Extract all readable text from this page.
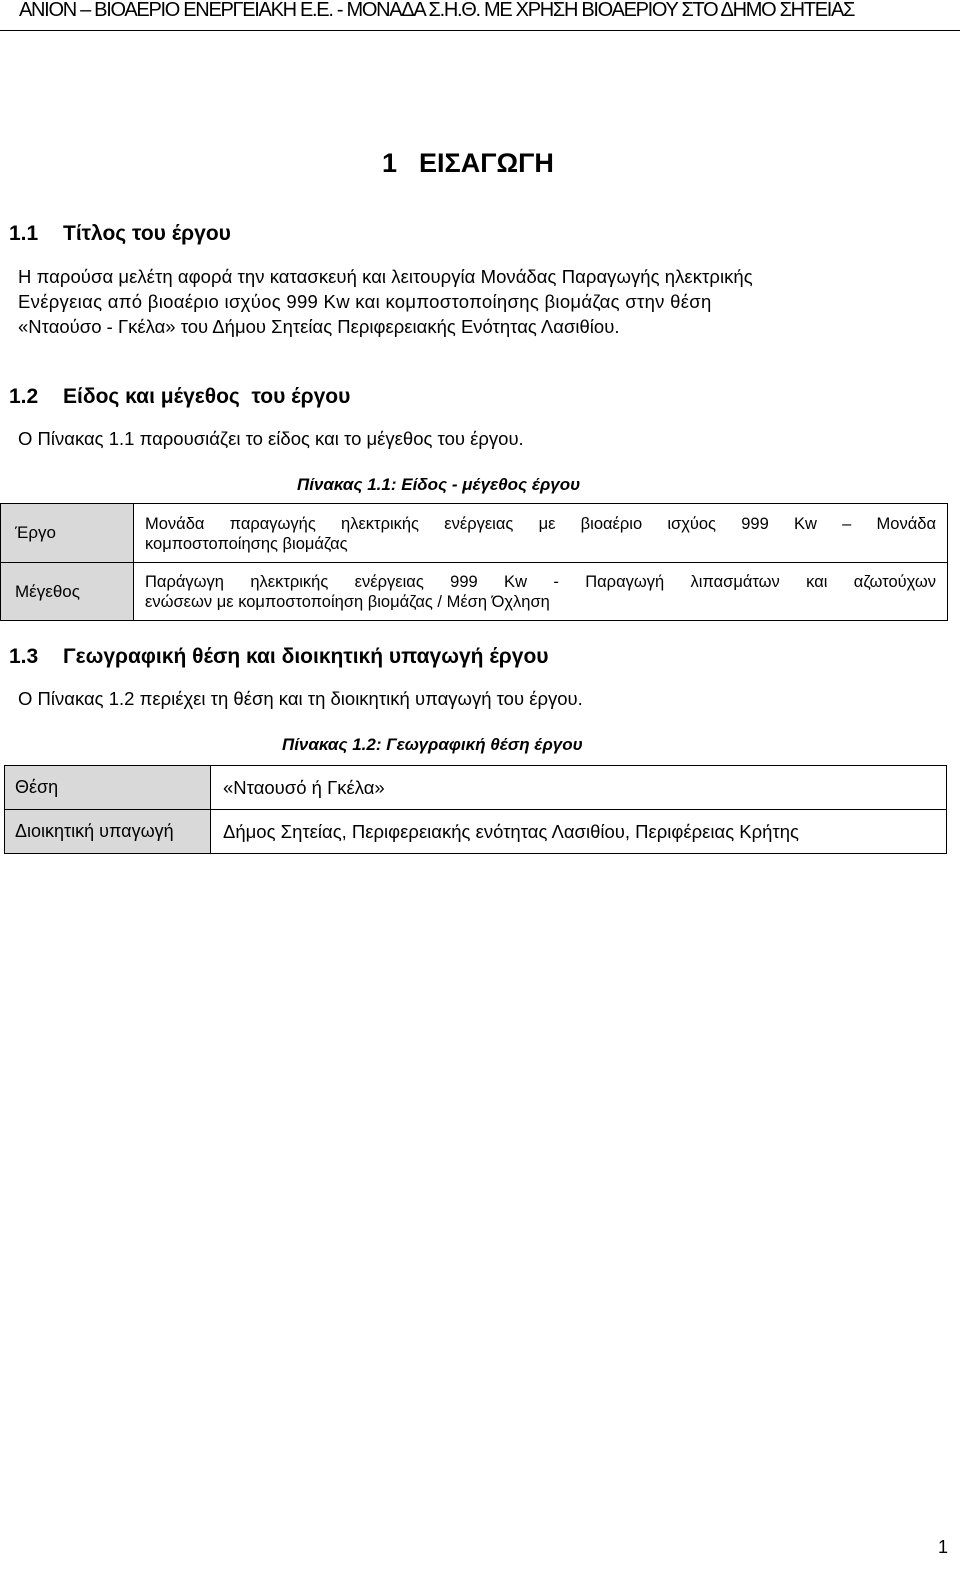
ΑΝΙΟΝ – ΒΙΟΑΕΡΙΟ ΕΝΕΡΓΕΙΑΚΗ Ε.Ε. - ΜΟΝΑΔΑ Σ.Η.Θ. ΜΕ ΧΡΗΣΗ ΒΙΟΑΕΡΙΟΥ ΣΤΟ ΔΗΜΟ ΣΗΤΕΙΑΣ
1 ΕΙΣΑΓΩΓΗ
1.1 Τίτλος του έργου
Η παρούσα μελέτη αφορά την κατασκευή και λειτουργία Μονάδας Παραγωγής ηλεκτρικής
Ενέργειας από βιοαέριο ισχύος 999 Kw και κομποστοποίησης βιομάζας στην θέση
«Νταούσο - Γκέλα» του Δήμου Σητείας Περιφερειακής Ενότητας Λασιθίου.
1.2 Είδος και μέγεθος  του έργου
Ο Πίνακας 1.1 παρουσιάζει το είδος και το μέγεθος του έργου.
Πίνακας 1.1: Είδος - μέγεθος έργου
Έργο	Μονάδα παραγωγής ηλεκτρικής ενέργειας με βιοαέριο ισχύος 999 Kw – Μονάδα
κομποστοποίησης βιομάζας

Μέγεθος	Παράγωγη ηλεκτρικής ενέργειας 999 Kw - Παραγωγή λιπασμάτων και αζωτούχων
ενώσεων με κομποστοποίηση βιομάζας / Μέση Όχληση
1.3 Γεωγραφική θέση και διοικητική υπαγωγή έργου
Ο Πίνακας 1.2 περιέχει τη θέση και τη διοικητική υπαγωγή του έργου.
Πίνακας 1.2: Γεωγραφική θέση έργου
Θέση	«Νταουσό ή Γκέλα»
Διοικητική υπαγωγή	Δήμος Σητείας, Περιφερειακής ενότητας Λασιθίου, Περιφέρειας Κρήτης
1
